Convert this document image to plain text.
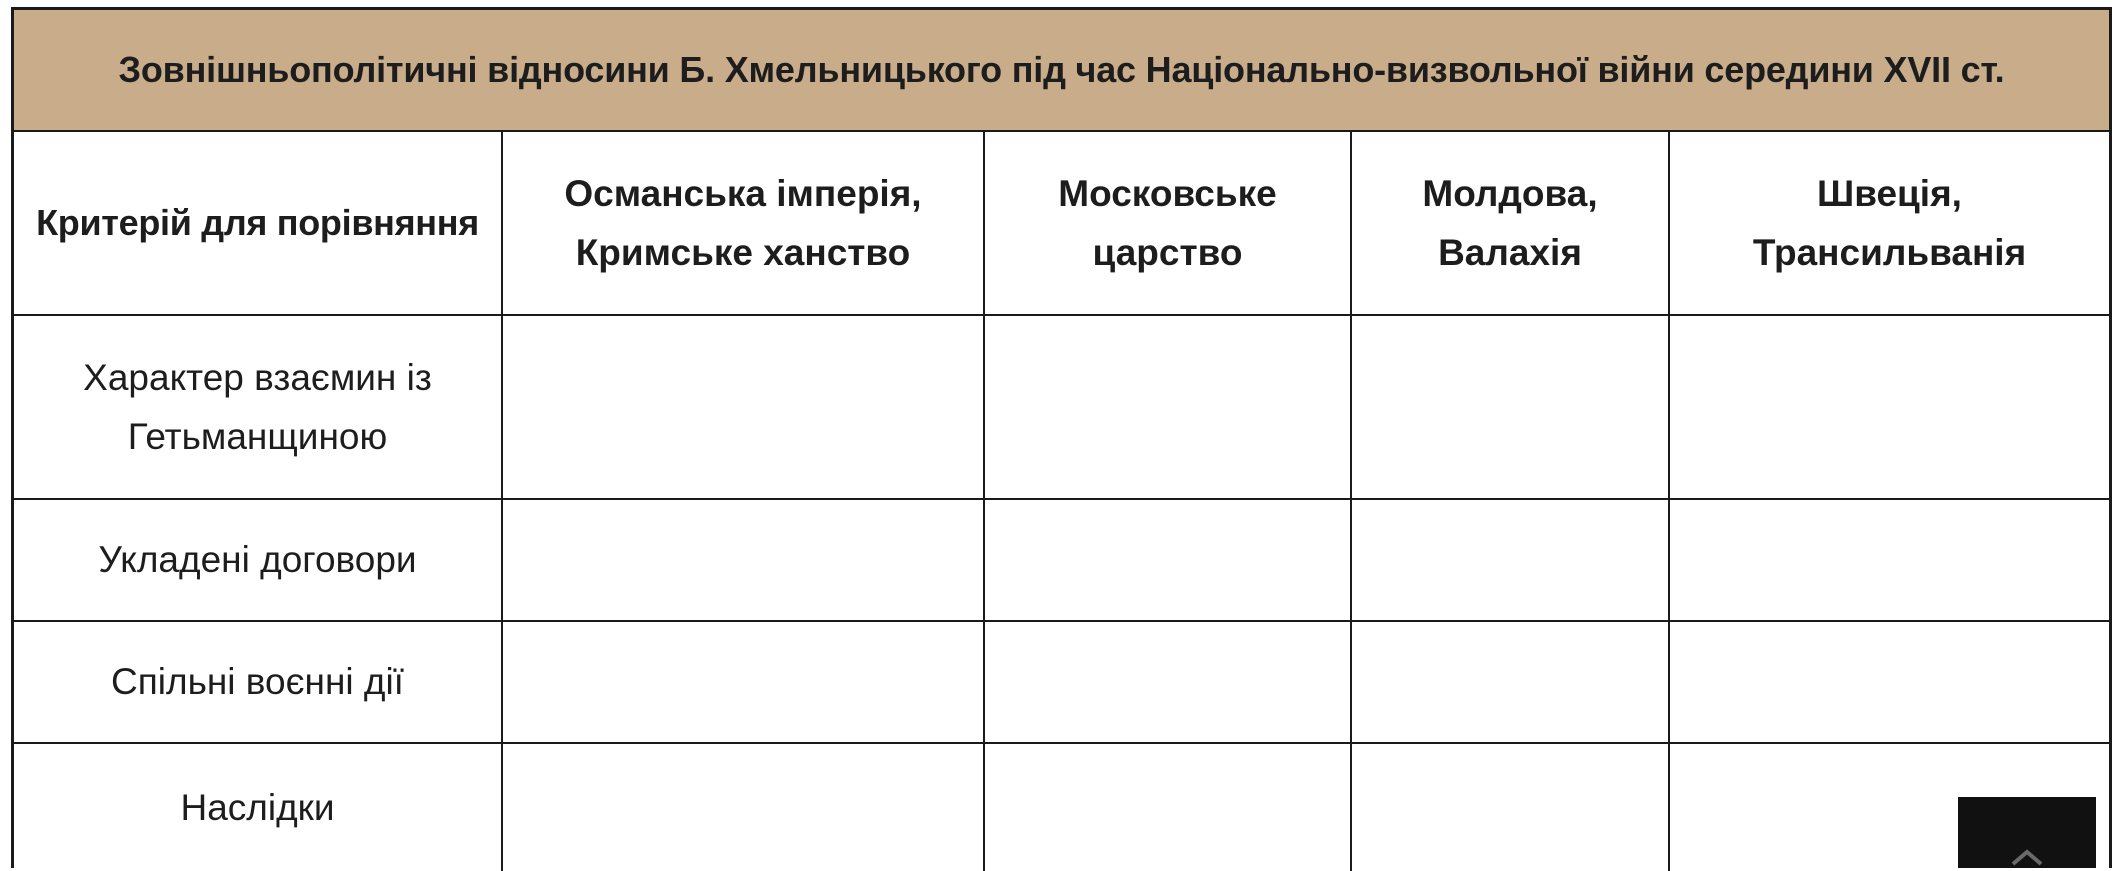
Зовнішньополітичні відносини Б. Хмельницького під час Національно-визвольної війни середини XVII ст.
Критерій для порівняння
Османська імперія,
Кримське ханство
Московське
царство
Молдова,
Валахія
Швеція,
Трансильванія
Характер взаємин із
Гетьманщиною
Укладені договори
Спільні воєнні дії
Наслідки
